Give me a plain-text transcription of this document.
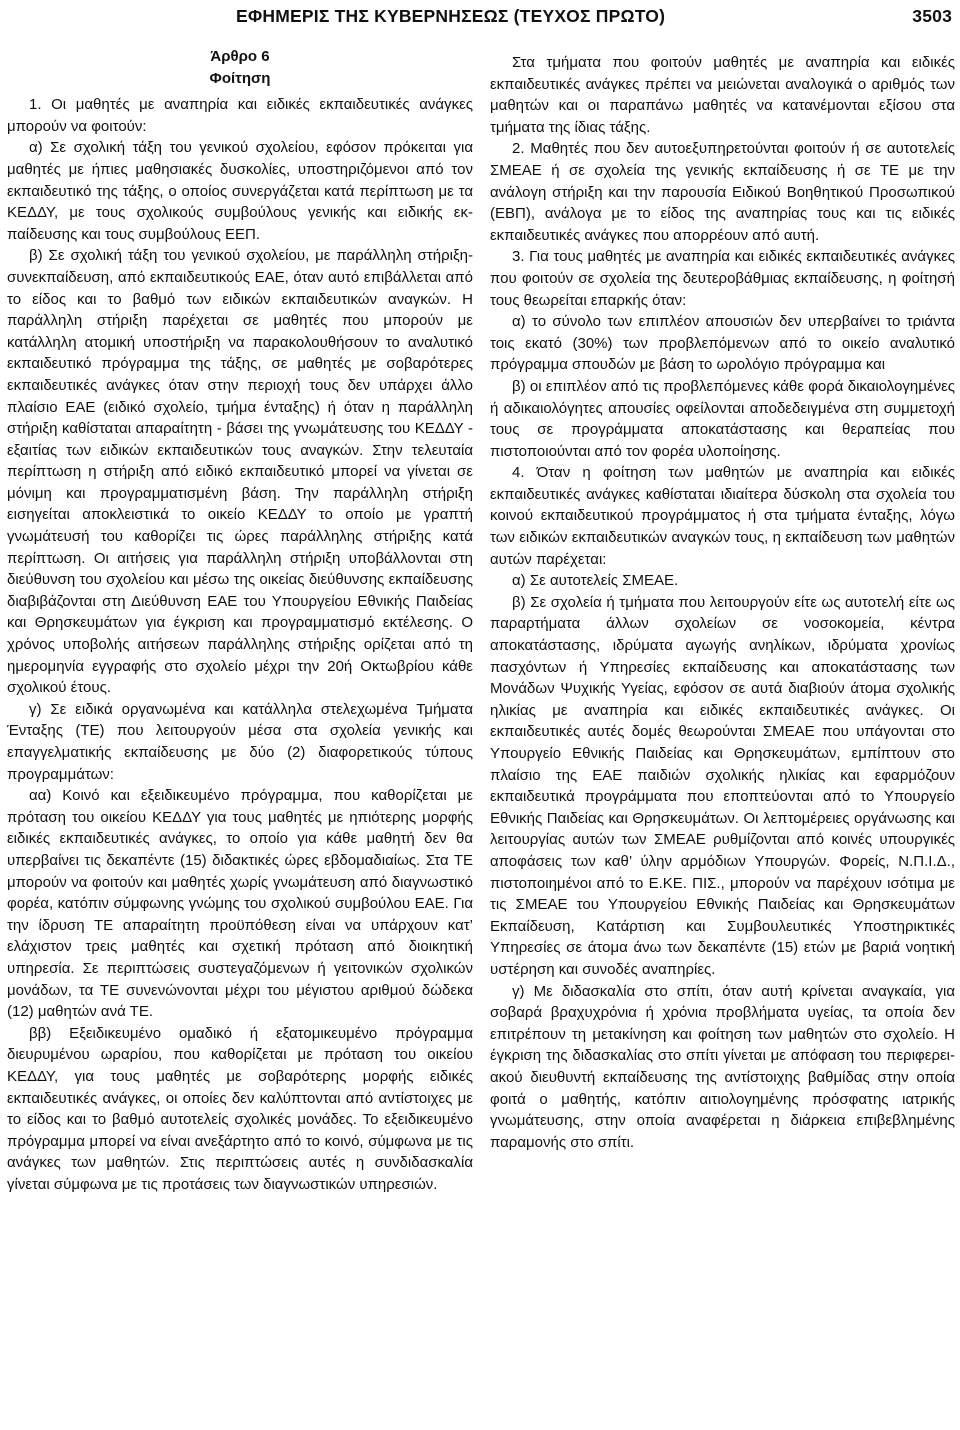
ΕΦΗΜΕΡΙΣ ΤΗΣ ΚΥΒΕΡΝΗΣΕΩΣ (ΤΕΥΧΟΣ ΠΡΩΤΟ)	3503

Άρθρο 6

Φοίτηση

1. Οι μαθητές με αναπηρία και ειδικές εκπαιδευτικές ανάγκες μπορούν να φοιτούν:

α) Σε σχολική τάξη του γενικού σχολείου, εφόσον πρόκειται για μαθητές με ήπιες μαθησιακές δυσκολίες, υποστηριζόμενοι από τον εκπαιδευτικό της τάξης, ο οποίος συνεργάζεται κατά περίπτωση με τα ΚΕΔΔΥ, με τους σχολικούς συμβούλους γενικής και ειδικής εκπαίδευσης και τους συμβούλους ΕΕΠ.

β) Σε σχολική τάξη του γενικού σχολείου, με παράλληλη στήριξη-συνεκπαίδευση, από εκπαιδευτικούς ΕΑΕ, όταν αυτό επιβάλλεται από το είδος και το βαθμό των ειδικών εκπαιδευτικών αναγκών. Η παράλληλη στήριξη παρέχεται σε μαθητές που μπορούν με κατάλληλη ατομική υποστήριξη να παρακολουθήσουν το αναλυτικό εκπαιδευτικό πρόγραμμα της τάξης, σε μαθητές με σοβαρότερες εκπαιδευτικές ανάγκες όταν στην περιοχή τους δεν υπάρχει άλλο πλαίσιο ΕΑΕ (ειδικό σχολείο, τμήμα ένταξης) ή όταν η παράλληλη στήριξη καθίσταται απαραίτητη - βάσει της γνωμάτευσης του ΚΕΔΔΥ - εξαιτίας των ειδικών εκπαιδευτικών τους αναγκών. Στην τελευταία περίπτωση η στήριξη από ειδικό εκπαιδευτικό μπορεί να γίνεται σε μόνιμη και προγραμματισμένη βάση. Την παράλληλη στήριξη εισηγείται αποκλειστικά το οικείο ΚΕΔΔΥ το οποίο με γραπτή γνωμάτευσή του καθορίζει τις ώρες παράλληλης στήριξης κατά περίπτωση. Οι αιτήσεις για παράλληλη στήριξη υποβάλλονται στη διεύθυνση του σχολείου και μέσω της οικείας διεύθυνσης εκπαίδευσης διαβιβάζονται στη Διεύθυνση ΕΑΕ του Υπουργείου Εθνικής Παιδείας και Θρησκευμάτων για έγκριση και προγραμματισμό εκτέλεσης. Ο χρόνος υποβολής αιτήσεων παράλληλης στήριξης ορίζεται από τη ημερομηνία εγγραφής στο σχολείο μέχρι την 20ή Οκτωβρίου κάθε σχολικού έτους.

γ) Σε ειδικά οργανωμένα και κατάλληλα στελεχωμένα Τμήματα Ένταξης (ΤΕ) που λειτουργούν μέσα στα σχολεία γενικής και επαγγελματικής εκπαίδευσης με δύο (2) διαφορετικούς τύπους προγραμμάτων:

αα) Κοινό και εξειδικευμένο πρόγραμμα, που καθορίζεται με πρόταση του οικείου ΚΕΔΔΥ για τους μαθητές με ηπιότερης μορφής ειδικές εκπαιδευτικές ανάγκες, το οποίο για κάθε μαθητή δεν θα υπερβαίνει τις δεκαπέντε (15) διδακτικές ώρες εβδομαδιαίως. Στα ΤΕ μπορούν να φοιτούν και μαθητές χωρίς γνωμάτευση από διαγνωστικό φορέα, κατόπιν σύμφωνης γνώμης του σχολικού συμβούλου ΕΑΕ. Για την ίδρυση ΤΕ απαραίτητη προϋπόθεση είναι να υπάρχουν κατ’ ελάχιστον τρεις μαθητές και σχετική πρόταση από διοικητική υπηρεσία. Σε περιπτώσεις συστεγαζόμενων ή γειτονικών σχολικών μονάδων, τα ΤΕ συνενώνονται μέχρι του μέγιστου αριθμού δώδεκα (12) μαθητών ανά ΤΕ.

ββ) Εξειδικευμένο ομαδικό ή εξατομικευμένο πρόγραμμα διευρυμένου ωραρίου, που καθορίζεται με πρόταση του οικείου ΚΕΔΔΥ, για τους μαθητές με σοβαρότερης μορφής ειδικές εκπαιδευτικές ανάγκες, οι οποίες δεν καλύπτονται από αντίστοιχες με το είδος και το βαθμό αυτοτελείς σχολικές μονάδες. Το εξειδικευμένο πρόγραμμα μπορεί να είναι ανεξάρτητο από το κοινό, σύμφωνα με τις ανάγκες των μαθητών. Στις περιπτώσεις αυτές η συνδιδασκαλία γίνεται σύμφωνα με τις προτάσεις των διαγνωστικών υπηρεσιών.

Στα τμήματα που φοιτούν μαθητές με αναπηρία και ειδικές εκπαιδευτικές ανάγκες πρέπει να μειώνεται αναλογικά ο αριθμός των μαθητών και οι παραπάνω μαθητές να κατανέμονται εξίσου στα τμήματα της ίδιας τάξης.

2. Μαθητές που δεν αυτοεξυπηρετούνται φοιτούν ή σε αυτοτελείς ΣΜΕΑΕ ή σε σχολεία της γενικής εκπαίδευσης ή σε ΤΕ με την ανάλογη στήριξη και την παρουσία Ειδικού Βοηθητικού Προσωπικού (ΕΒΠ), ανάλογα με το είδος της αναπηρίας τους και τις ειδικές εκπαιδευτικές ανάγκες που απορρέουν από αυτή.

3. Για τους μαθητές με αναπηρία και ειδικές εκπαιδευτικές ανάγκες που φοιτούν σε σχολεία της δευτεροβάθμιας εκπαίδευσης, η φοίτησή τους θεωρείται επαρκής όταν:

α) το σύνολο των επιπλέον απουσιών δεν υπερβαίνει το τριάντα τοις εκατό (30%) των προβλεπόμενων από το οικείο αναλυτικό πρόγραμμα σπουδών με βάση το ωρολόγιο πρόγραμμα και

β) οι επιπλέον από τις προβλεπόμενες κάθε φορά δικαιολογημένες ή αδικαιολόγητες απουσίες οφείλονται αποδεδειγμένα στη συμμετοχή τους σε προγράμματα αποκατάστασης και θεραπείας που πιστοποιούνται από τον φορέα υλοποίησης.

4. Όταν η φοίτηση των μαθητών με αναπηρία και ειδικές εκπαιδευτικές ανάγκες καθίσταται ιδιαίτερα δύσκολη στα σχολεία του κοινού εκπαιδευτικού προγράμματος ή στα τμήματα ένταξης, λόγω των ειδικών εκπαιδευτικών αναγκών τους, η εκπαίδευση των μαθητών αυτών παρέχεται:

α) Σε αυτοτελείς ΣΜΕΑΕ.

β) Σε σχολεία ή τμήματα που λειτουργούν είτε ως αυτοτελή είτε ως παραρτήματα άλλων σχολείων σε νοσοκομεία, κέντρα αποκατάστασης, ιδρύματα αγωγής ανηλίκων, ιδρύματα χρονίως πασχόντων ή Υπηρεσίες εκπαίδευσης και αποκατάστασης των Μονάδων Ψυχικής Υγείας, εφόσον σε αυτά διαβιούν άτομα σχολικής ηλικίας με αναπηρία και ειδικές εκπαιδευτικές ανάγκες. Οι εκπαιδευτικές αυτές δομές θεωρούνται ΣΜΕΑΕ που υπάγονται στο Υπουργείο Εθνικής Παιδείας και Θρησκευμάτων, εμπίπτουν στο πλαίσιο της ΕΑΕ παιδιών σχολικής ηλικίας και εφαρμόζουν εκπαιδευτικά προγράμματα που εποπτεύονται από το Υπουργείο Εθνικής Παιδείας και Θρησκευμάτων. Οι λεπτομέρειες οργάνωσης και λειτουργίας αυτών των ΣΜΕΑΕ ρυθμίζονται από κοινές υπουργικές αποφάσεις των καθ’ ύλην αρμόδιων Υπουργών. Φορείς, Ν.Π.Ι.Δ., πιστοποιημένοι από το Ε.ΚΕ. ΠΙΣ., μπορούν να παρέχουν ισότιμα με τις ΣΜΕΑΕ του Υπουργείου Εθνικής Παιδείας και Θρησκευμάτων Εκπαίδευση, Κατάρτιση και Συμβουλευτικές Υποστηρικτικές Υπηρεσίες σε άτομα άνω των δεκαπέντε (15) ετών με βαριά νοητική υστέρηση και συνοδές αναπηρίες.

γ) Με διδασκαλία στο σπίτι, όταν αυτή κρίνεται αναγκαία, για σοβαρά βραχυχρόνια ή χρόνια προβλήματα υγείας, τα οποία δεν επιτρέπουν τη μετακίνηση και φοίτηση των μαθητών στο σχολείο. Η έγκριση της διδασκαλίας στο σπίτι γίνεται με απόφαση του περιφερειακού διευθυντή εκπαίδευσης της αντίστοιχης βαθμίδας στην οποία φοιτά ο μαθητής, κατόπιν αιτιολογημένης πρόσφατης ιατρικής γνωμάτευσης, στην οποία αναφέρεται η διάρκεια επιβεβλημένης παραμονής στο σπίτι.
